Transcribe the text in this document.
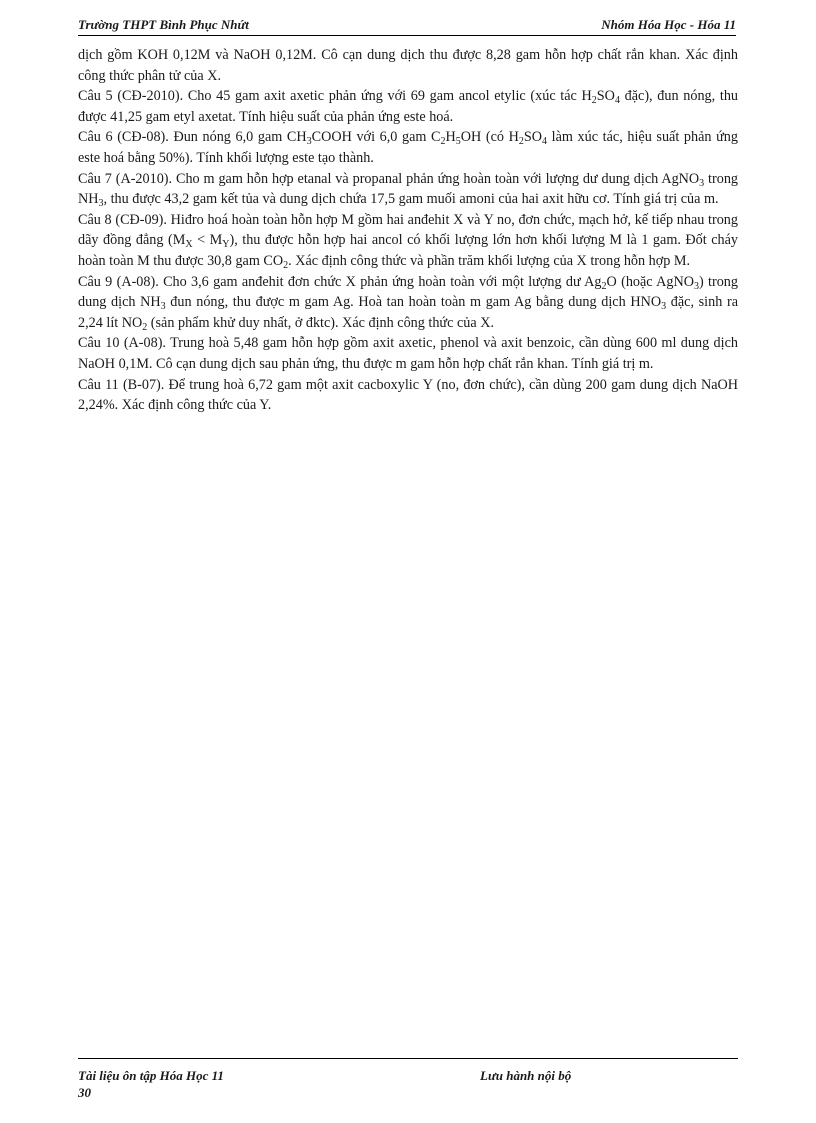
Trường THPT Bình Phục Nhứt	Nhóm Hóa Học - Hóa 11

dịch gồm KOH 0,12M và NaOH 0,12M. Cô cạn dung dịch thu được 8,28 gam hỗn hợp chất rắn khan. Xác định công thức phân tử của X.

Câu 5 (CĐ-2010). Cho 45 gam axit axetic phản ứng với 69 gam ancol etylic (xúc tác $H_2SO_4$ đặc), đun nóng, thu được 41,25 gam etyl axetat. Tính hiệu suất của phản ứng este hoá.

Câu 6 (CĐ-08). Đun nóng 6,0 gam $CH_3COOH$ với 6,0 gam $C_2H_5OH$ (có $H_2SO_4$ làm xúc tác, hiệu suất phản ứng este hoá bằng 50%). Tính khối lượng este tạo thành.

Câu 7 (A-2010). Cho m gam hỗn hợp etanal và propanal phản ứng hoàn toàn với lượng dư dung dịch AgNO$_3$ trong $NH_3$, thu được 43,2 gam kết tủa và dung dịch chứa 17,5 gam muối amoni của hai axit hữu cơ. Tính giá trị của m.

Câu 8 (CĐ-09). Hiđro hoá hoàn toàn hỗn hợp M gồm hai anđehit X và Y no, đơn chức, mạch hở, kế tiếp nhau trong dãy đồng đẳng $(M_X < M_Y)$, thu được hỗn hợp hai ancol có khối lượng lớn hơn khối lượng M là 1 gam. Đốt cháy hoàn toàn M thu được 30,8 gam $CO_2$. Xác định công thức và phần trăm khối lượng của X trong hỗn hợp M.

Câu 9 (A-08). Cho 3,6 gam anđehit đơn chức X phản ứng hoàn toàn với một lượng dư $Ag_2O$ (hoặc AgNO$_3$) trong dung dịch $NH_3$ đun nóng, thu được m gam Ag. Hoà tan hoàn toàn m gam Ag bằng dung dịch $HNO_3$ đặc, sinh ra 2,24 lít $NO_2$ (sản phẩm khử duy nhất, ở đktc). Xác định công thức của X.

Câu 10 (A-08). Trung hoà 5,48 gam hỗn hợp gồm axit axetic, phenol và axit benzoic, cần dùng 600 ml dung dịch NaOH 0,1M. Cô cạn dung dịch sau phản ứng, thu được m gam hỗn hợp chất rắn khan. Tính giá trị m.

Câu 11 (B-07). Để trung hoà 6,72 gam một axit cacboxylic Y (no, đơn chức), cần dùng 200 gam dung dịch NaOH 2,24%. Xác định công thức của Y.

Tài liệu ôn tập Hóa Học 11	Lưu hành nội bộ
30
